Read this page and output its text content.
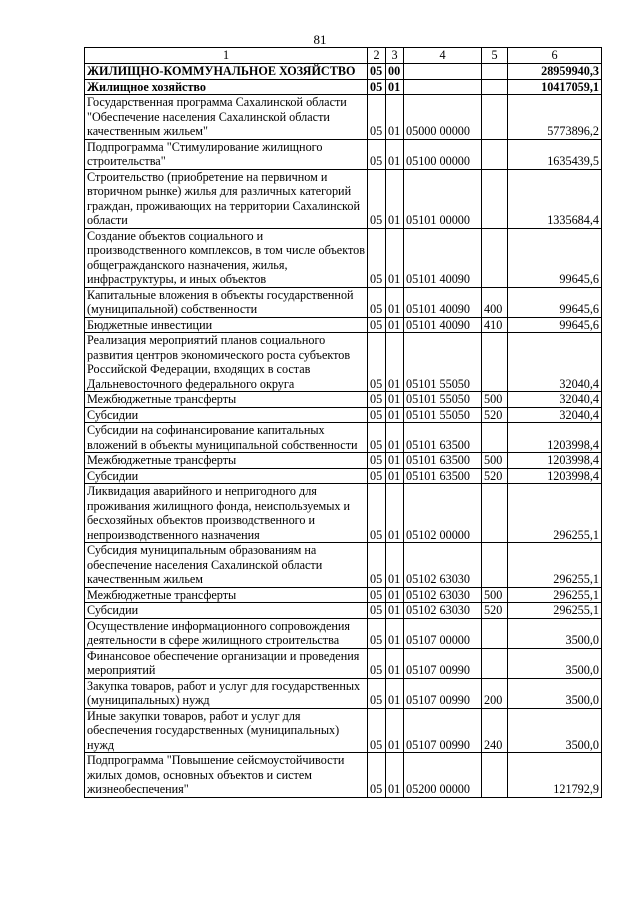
81
1	2	3	4	5	6
ЖИЛИЩНО-КОММУНАЛЬНОЕ ХОЗЯЙСТВО	05	00			28959940,3
Жилищное хозяйство	05	01			10417059,1
Государственная программа Сахалинской области "Обеспечение населения Сахалинской области качественным жильем"	05	01	05000 00000		5773896,2
Подпрограмма "Стимулирование жилищного строительства"	05	01	05100 00000		1635439,5
Строительство (приобретение на первичном и вторичном рынке) жилья для различных категорий граждан, проживающих на территории Сахалинской области	05	01	05101 00000		1335684,4
Создание объектов социального и производственного комплексов, в том числе объектов общегражданского назначения, жилья, инфраструктуры, и иных объектов	05	01	05101 40090		99645,6
Капитальные вложения в объекты государственной (муниципальной) собственности	05	01	05101 40090	400	99645,6
Бюджетные инвестиции	05	01	05101 40090	410	99645,6
Реализация мероприятий планов социального развития центров экономического роста субъектов Российской Федерации, входящих в состав Дальневосточного федерального округа	05	01	05101 55050		32040,4
Межбюджетные трансферты	05	01	05101 55050	500	32040,4
Субсидии	05	01	05101 55050	520	32040,4
Субсидии на софинансирование капитальных вложений в объекты муниципальной собственности	05	01	05101 63500		1203998,4
Межбюджетные трансферты	05	01	05101 63500	500	1203998,4
Субсидии	05	01	05101 63500	520	1203998,4
Ликвидация аварийного и непригодного для проживания жилищного фонда, неиспользуемых и бесхозяйных объектов производственного и непроизводственного назначения	05	01	05102 00000		296255,1
Субсидия муниципальным образованиям на обеспечение населения Сахалинской области качественным жильем	05	01	05102 63030		296255,1
Межбюджетные трансферты	05	01	05102 63030	500	296255,1
Субсидии	05	01	05102 63030	520	296255,1
Осуществление информационного сопровождения деятельности в сфере жилищного строительства	05	01	05107 00000		3500,0
Финансовое обеспечение организации и проведения мероприятий	05	01	05107 00990		3500,0
Закупка товаров, работ и услуг для государственных (муниципальных) нужд	05	01	05107 00990	200	3500,0
Иные закупки товаров, работ и услуг для обеспечения государственных (муниципальных) нужд	05	01	05107 00990	240	3500,0
Подпрограмма "Повышение сейсмоустойчивости жилых домов, основных объектов и систем жизнеобеспечения"	05	01	05200 00000		121792,9
